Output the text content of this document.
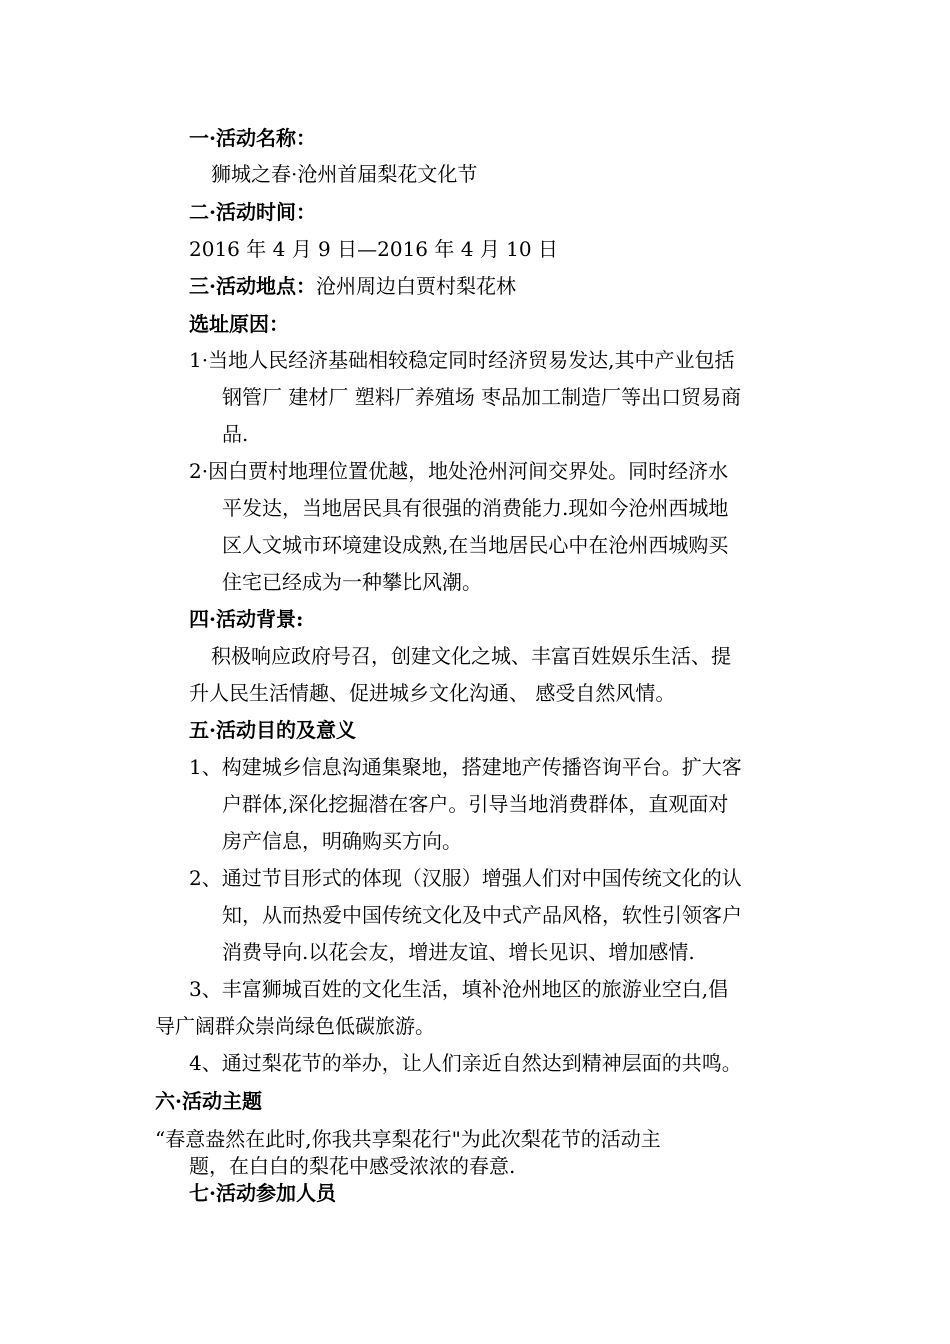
一·活动名称：
狮城之春·沧州首届梨花文化节
二·活动时间：
2016 年 4 月 9 日—2016 年 4 月 10 日
三·活动地点：沧州周边白贾村梨花林
选址原因：
1·当地人民经济基础相较稳定同时经济贸易发达,其中产业包括
钢管厂 建材厂 塑料厂养殖场 枣品加工制造厂等出口贸易商
品.
2·因白贾村地理位置优越，地处沧州河间交界处。同时经济水
平发达，当地居民具有很强的消费能力.现如今沧州西城地
区人文城市环境建设成熟,在当地居民心中在沧州西城购买
住宅已经成为一种攀比风潮。
四·活动背景:
积极响应政府号召，创建文化之城、丰富百姓娱乐生活、提
升人民生活情趣、促进城乡文化沟通、 感受自然风情。
五·活动目的及意义
1、构建城乡信息沟通集聚地，搭建地产传播咨询平台。扩大客
户群体,深化挖掘潜在客户。引导当地消费群体，直观面对
房产信息，明确购买方向。
2、通过节目形式的体现（汉服）增强人们对中国传统文化的认
知，从而热爱中国传统文化及中式产品风格，软性引领客户
消费导向.以花会友，增进友谊、增长见识、增加感情.
3、丰富狮城百姓的文化生活，填补沧州地区的旅游业空白,倡
导广阔群众崇尚绿色低碳旅游。
4、通过梨花节的举办，让人们亲近自然达到精神层面的共鸣。
六·活动主题
“春意盎然在此时,你我共享梨花行"为此次梨花节的活动主
题，在白白的梨花中感受浓浓的春意.
七·活动参加人员
